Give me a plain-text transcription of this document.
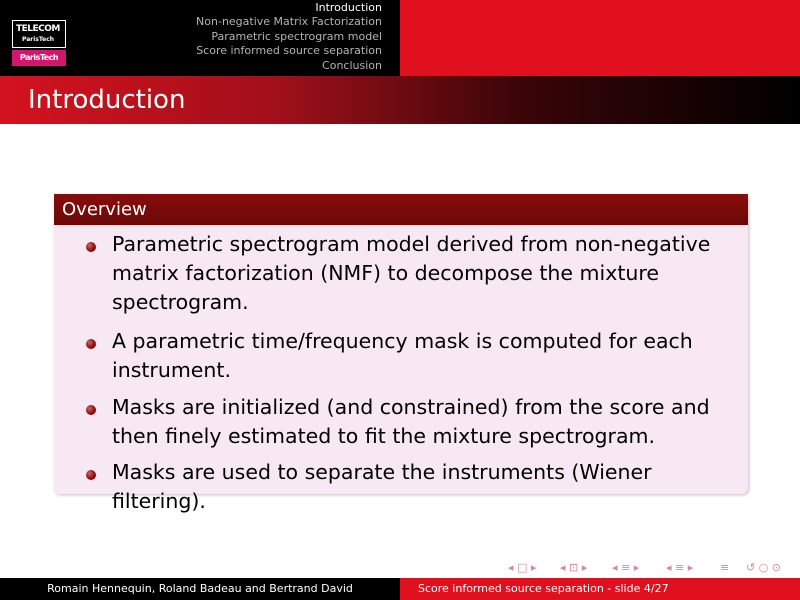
TELECOM
ParisTech
ParisTech
Introduction
Non-negative Matrix Factorization
Parametric spectrogram model
Score informed source separation
Conclusion
Introduction
Overview
Parametric spectrogram model derived from non-negative matrix factorization (NMF) to decompose the mixture spectrogram.
A parametric time/frequency mask is computed for each instrument.
Masks are initialized (and constrained) from the score and then finely estimated to fit the mixture spectrogram.
Masks are used to separate the instruments (Wiener filtering).
◂ □ ▸ ◂ ⊡ ▸ ◂ ≡ ▸ ◂ ≡ ▸ ≡ ↺ ○ ⊙
Romain Hennequin, Roland Badeau and Bertrand David	Score informed source separation - slide 4/27
